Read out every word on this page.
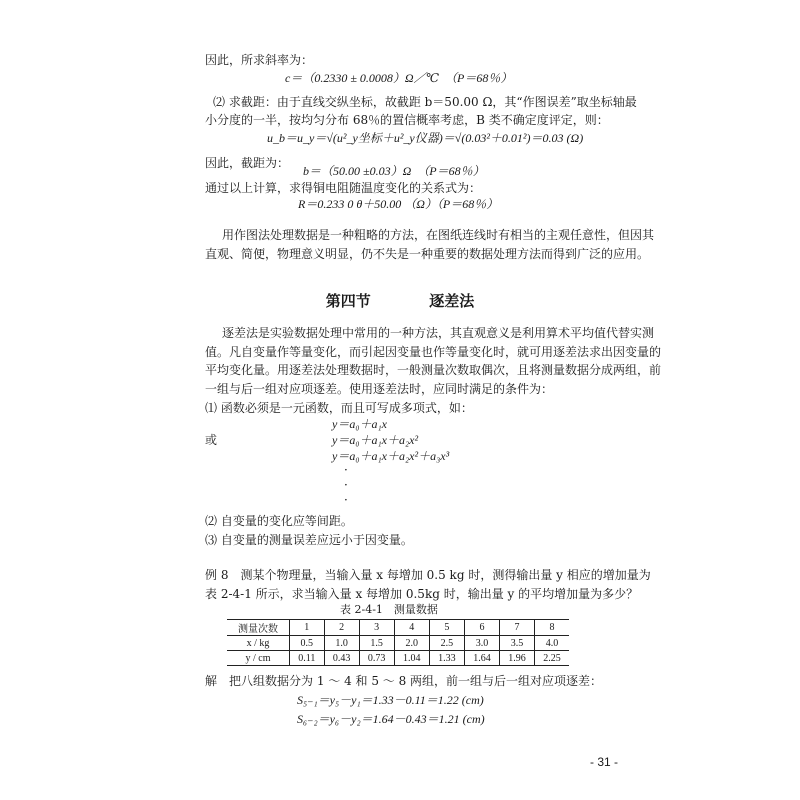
因此，所求斜率为：
c＝（0.2330 ± 0.0008）Ω／℃　（P＝68％）
⑵ 求截距：由于直线交纵坐标，故截距 b＝50.00 Ω，其“作图误差”取坐标轴最
小分度的一半，按均匀分布 68％的置信概率考虑，B 类不确定度评定，则：
u_b＝u_y＝√(u²_y坐标＋u²_y仪器)＝√(0.03²＋0.01²)＝0.03 (Ω)
因此，截距为：
b＝（50.00 ±0.03）Ω　（P＝68％）
通过以上计算，求得铜电阻随温度变化的关系式为：
R＝0.233 0 θ＋50.00 （Ω）（P＝68％）
用作图法处理数据是一种粗略的方法，在图纸连线时有相当的主观任意性，但因其
直观、简便，物理意义明显，仍不失是一种重要的数据处理方法而得到广泛的应用。
第四节	逐差法
逐差法是实验数据处理中常用的一种方法，其直观意义是利用算术平均值代替实测
值。凡自变量作等量变化，而引起因变量也作等量变化时，就可用逐差法求出因变量的
平均变化量。用逐差法处理数据时，一般测量次数取偶次，且将测量数据分成两组，前
一组与后一组对应项逐差。使用逐差法时，应同时满足的条件为：
⑴ 函数必须是一元函数，而且可写成多项式，如：
y＝a₀＋a₁x
或	y＝a₀＋a₁x＋a₂x²
y＝a₀＋a₁x＋a₂x²＋a₃x³
·
·
·
⑵ 自变量的变化应等间距。
⑶ 自变量的测量误差应远小于因变量。
例 8　测某个物理量，当输入量 x 每增加 0.5 kg 时，测得输出量 y 相应的增加量为
表 2-4-1 所示，求当输入量 x 每增加 0.5kg 时，输出量 y 的平均增加量为多少？
表 2-4-1　测量数据
测量次数	1	2	3	4	5	6	7	8
x / kg	0.5	1.0	1.5	2.0	2.5	3.0	3.5	4.0
y / cm	0.11	0.43	0.73	1.04	1.33	1.64	1.96	2.25
解　把八组数据分为 1 ～ 4 和 5 ～ 8 两组，前一组与后一组对应项逐差：
S₅₋₁＝y₅－y₁＝1.33－0.11＝1.22 (cm)
S₆₋₂＝y₆－y₂＝1.64－0.43＝1.21 (cm)
- 31 -
